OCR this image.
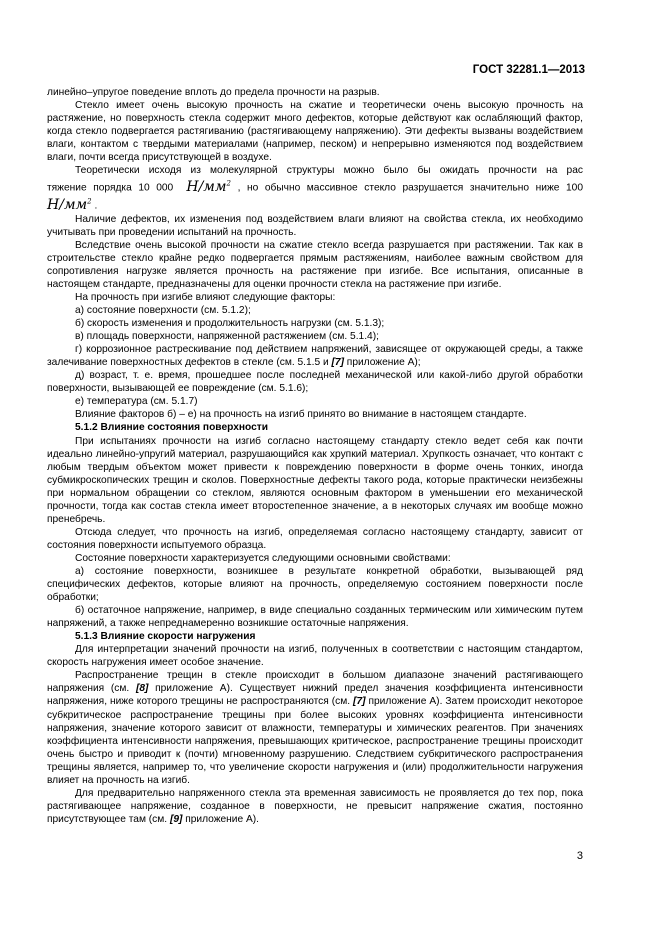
ГОСТ 32281.1—2013

линейно–упругое поведение вплоть до предела прочности на разрыв.

Стекло имеет очень высокую прочность на сжатие и теоретически очень высокую прочность на растяжение, но поверхность стекла содержит много дефектов, которые действуют как ослабляющий фактор, когда стекло подвергается растягиванию (растягивающему напряжению). Эти дефекты вызваны воздействием влаги, контактом с твердыми материалами (например, песком) и непрерывно изменяются под воздействием влаги, почти всегда присутствующей в воздухе.

Теоретически исходя из молекулярной структуры можно было бы ожидать прочности на рас

тяжение порядка 10 000 $Н/мм^2$ , но обычно массивное стекло разрушается значительно ниже 100

$Н/мм^2$ .

Наличие дефектов, их изменения под воздействием влаги влияют на свойства стекла, их необходимо учитывать при проведении испытаний на прочность.

Вследствие очень высокой прочности на сжатие стекло всегда разрушается при растяжении. Так как в строительстве стекло крайне редко подвергается прямым растяжениям, наиболее важным свойством для сопротивления нагрузке является прочность на растяжение при изгибе. Все испытания, описанные в настоящем стандарте, предназначены для оценки прочности стекла на растяжение при изгибе.

На прочность при изгибе влияют следующие факторы:

а) состояние поверхности (см. 5.1.2);

б) скорость изменения и продолжительность нагрузки (см. 5.1.3);

в) площадь поверхности, напряженной растяжением (см. 5.1.4);

г) коррозионное растрескивание под действием напряжений, зависящее от окружающей среды, а также залечивание поверхностных дефектов в стекле (см. 5.1.5 и [7] приложение А);

д) возраст, т. е. время, прошедшее после последней механической или какой-либо другой обработки поверхности, вызывающей ее повреждение (см. 5.1.6);

е) температура (см. 5.1.7)

Влияние факторов б) – е) на прочность на изгиб принято во внимание в настоящем стандарте.

5.1.2 Влияние состояния поверхности

При испытаниях прочности на изгиб согласно настоящему стандарту стекло ведет себя как почти идеально линейно-упругий материал, разрушающийся как хрупкий материал. Хрупкость означает, что контакт с любым твердым объектом может привести к повреждению поверхности в форме очень тонких, иногда субмикроскопических трещин и сколов. Поверхностные дефекты такого рода, которые практически неизбежны при нормальном обращении со стеклом, являются основным фактором в уменьшении его механической прочности, тогда как состав стекла имеет второстепенное значение, а в некоторых случаях им вообще можно пренебречь.

Отсюда следует, что прочность на изгиб, определяемая согласно настоящему стандарту, зависит от состояния поверхности испытуемого образца.

Состояние поверхности характеризуется следующими основными свойствами:

а) состояние поверхности, возникшее в результате конкретной обработки, вызывающей ряд специфических дефектов, которые влияют на прочность, определяемую состоянием поверхности после обработки;

б) остаточное напряжение, например, в виде специально созданных термическим или химическим путем напряжений, а также непреднамеренно возникшие остаточные напряжения.

5.1.3 Влияние скорости нагружения

Для интерпретации значений прочности на изгиб, полученных в соответствии с настоящим стандартом, скорость нагружения имеет особое значение.

Распространение трещин в стекле происходит в большом диапазоне значений растягивающего напряжения (см. [8] приложение А). Существует нижний предел значения коэффициента интенсивности напряжения, ниже которого трещины не распространяются (см. [7] приложение А). Затем происходит некоторое субкритическое распространение трещины при более высоких уровнях коэффициента интенсивности напряжения, значение которого зависит от влажности, температуры и химических реагентов. При значениях коэффициента интенсивности напряжения, превышающих критическое, распространение трещины происходит очень быстро и приводит к (почти) мгновенному разрушению. Следствием субкритического распространения трещины является, например то, что увеличение скорости нагружения и (или) продолжительности нагружения влияет на прочность на изгиб.

Для предварительно напряженного стекла эта временная зависимость не проявляется до тех пор, пока растягивающее напряжение, созданное в поверхности, не превысит напряжение сжатия, постоянно присутствующее там (см. [9] приложение А).

3
